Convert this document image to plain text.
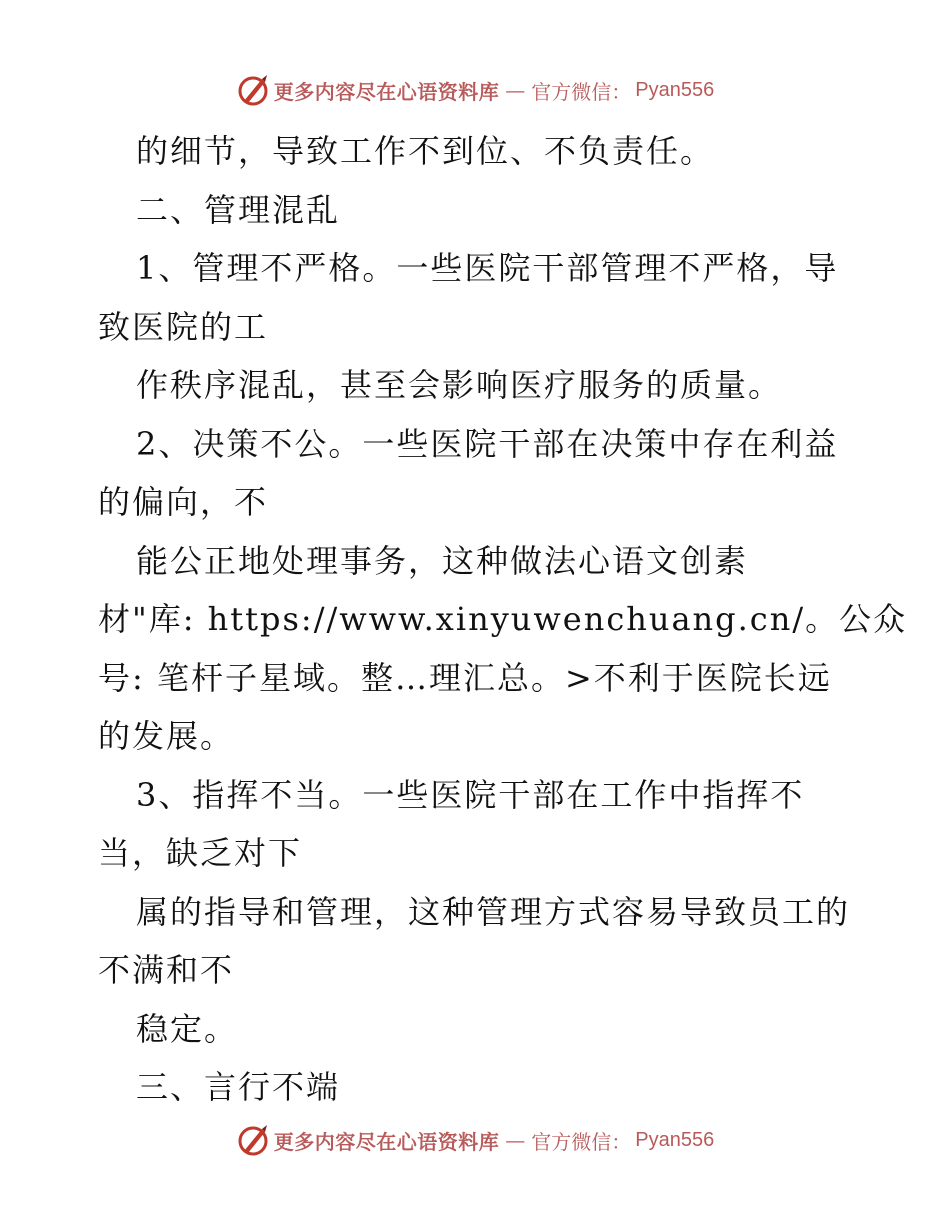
更多内容尽在心语资料库 — 官方微信： Pyan556
的细节，导致工作不到位、不负责任。
二、管理混乱
1、管理不严格。一些医院干部管理不严格，导
致医院的工
作秩序混乱，甚至会影响医疗服务的质量。
2、决策不公。一些医院干部在决策中存在利益
的偏向，不
能公正地处理事务，这种做法心语文创素
材"库: https://www.xinyuwenchuang.cn/。公众
号: 笔杆子星域。整…理汇总。>不利于医院长远
的发展。
3、指挥不当。一些医院干部在工作中指挥不
当，缺乏对下
属的指导和管理，这种管理方式容易导致员工的
不满和不
稳定。
三、言行不端
更多内容尽在心语资料库 — 官方微信： Pyan556
